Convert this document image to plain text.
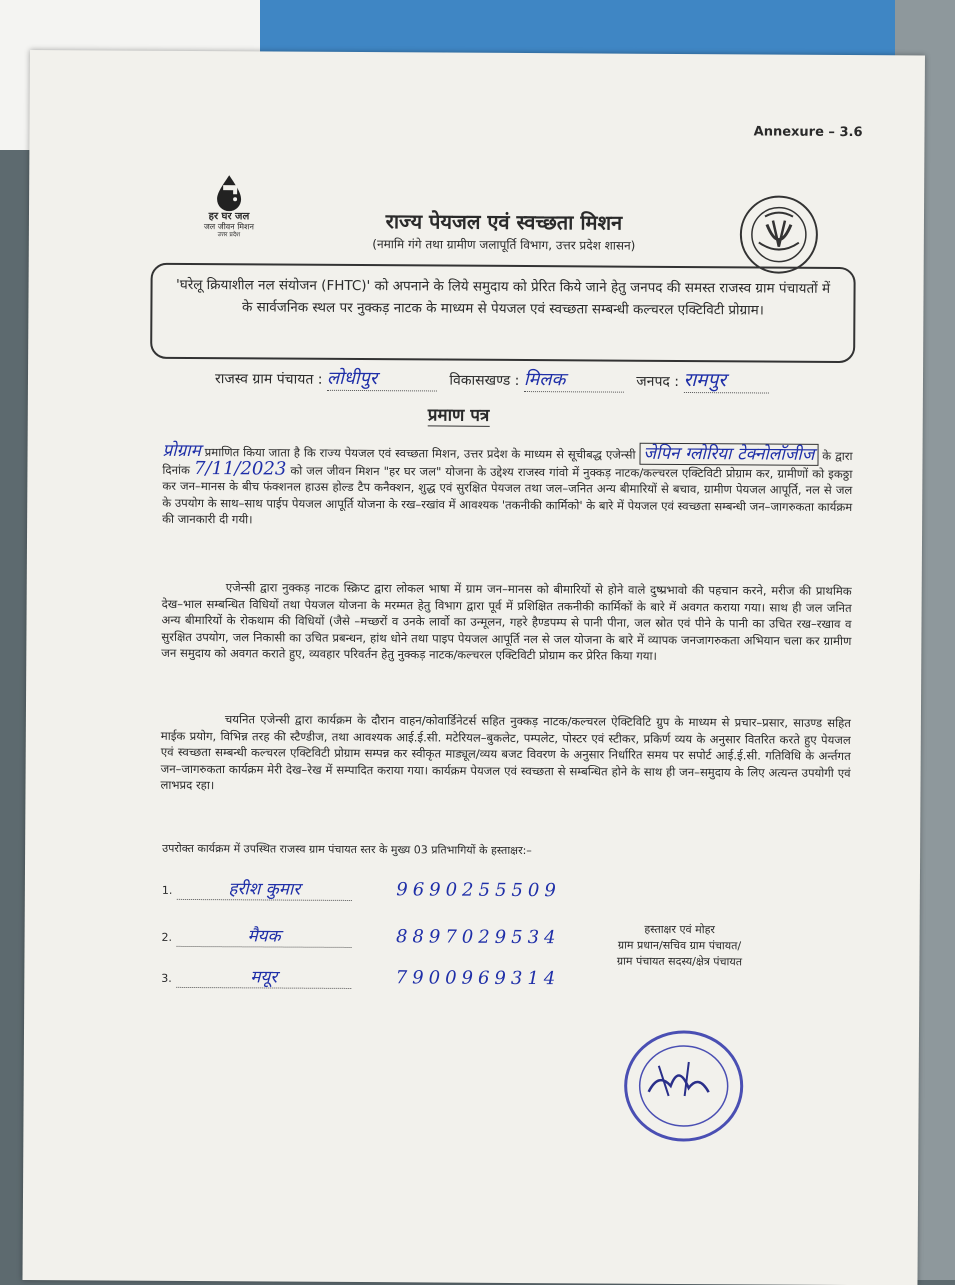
Annexure – 3.6
हर घर जल
जल जीवन मिशन
उत्तर प्रदेश
राज्य पेयजल एवं स्वच्छता मिशन
(नमामि गंगे तथा ग्रामीण जलापूर्ति विभाग, उत्तर प्रदेश शासन)
'घरेलू क्रियाशील नल संयोजन (FHTC)' को अपनाने के लिये समुदाय को प्रेरित किये जाने हेतु जनपद की समस्त राजस्व ग्राम पंचायतों में के सार्वजनिक स्थल पर नुक्कड़ नाटक के माध्यम से पेयजल एवं स्वच्छता सम्बन्धी कल्चरल एक्टिविटी प्रोग्राम।
राजस्व ग्राम पंचायत : लोधीपुर	विकासखण्ड : मिलक	जनपद : रामपुर
प्रमाण पत्र
प्रोग्राम प्रमाणित किया जाता है कि राज्य पेयजल एवं स्वच्छता मिशन, उत्तर प्रदेश के माध्यम से सूचीबद्ध एजेन्सी जेपिन ग्लोरिया टेक्नोलॉजीज के द्वारा दिनांक 7/11/2023 को जल जीवन मिशन "हर घर जल" योजना के उद्देश्य राजस्व गांवो में नुक्कड़ नाटक/कल्चरल एक्टिविटी प्रोग्राम कर, ग्रामीणों को इकठ्ठा कर जन–मानस के बीच फंक्शनल हाउस होल्ड टैप कनैक्शन, शुद्ध एवं सुरक्षित पेयजल तथा जल–जनित अन्य बीमारियों से बचाव, ग्रामीण पेयजल आपूर्ति, नल से जल के उपयोग के साथ–साथ पाईप पेयजल आपूर्ति योजना के रख–रखांव में आवश्यक 'तकनीकी कार्मिको' के बारे में पेयजल एवं स्वच्छता सम्बन्धी जन–जागरुकता कार्यक्रम की जानकारी दी गयी।
एजेन्सी द्वारा नुक्कड़ नाटक स्क्रिप्ट द्वारा लोकल भाषा में ग्राम जन–मानस को बीमारियों से होने वाले दुष्प्रभावो की पहचान करने, मरीज की प्राथमिक देख–भाल सम्बन्धित विधियों तथा पेयजल योजना के मरम्मत हेतु विभाग द्वारा पूर्व में प्रशिक्षित तकनीकी कार्मिकों के बारे में अवगत कराया गया। साथ ही जल जनित अन्य बीमारियों के रोकथाम की विधियों (जैसे –मच्छरों व उनके लार्वो का उन्मूलन, गहरे हैण्डपम्प से पानी पीना, जल स्रोत एवं पीने के पानी का उचित रख–रखाव व सुरक्षित उपयोग, जल निकासी का उचित प्रबन्धन, हांथ धोने तथा पाइप पेयजल आपूर्ति नल से जल योजना के बारे में व्यापक जनजागरुकता अभियान चला कर ग्रामीण जन समुदाय को अवगत कराते हुए, व्यवहार परिवर्तन हेतु नुक्कड़ नाटक/कल्चरल एक्टिविटी प्रोग्राम कर प्रेरित किया गया।
चयनित एजेन्सी द्वारा कार्यक्रम के दौरान वाहन/कोवार्डिनेटर्स सहित नुक्कड़ नाटक/कल्चरल ऐक्टिविटि ग्रुप के माध्यम से प्रचार–प्रसार, साउण्ड सहित माईक प्रयोग, विभिन्न तरह की स्टैण्डीज, तथा आवश्यक आई.ई.सी. मटेरियल–बुकलेट, पम्पलेट, पोस्टर एवं स्टीकर, प्रकिर्ण व्यय के अनुसार वितरित करते हुए पेयजल एवं स्वच्छता सम्बन्धी कल्चरल एक्टिविटी प्रोग्राम सम्पन्न कर स्वीकृत माड्यूल/व्यय बजट विवरण के अनुसार निर्धारित समय पर सपोर्ट आई.ई.सी. गतिविधि के अर्न्तगत जन–जागरुकता कार्यक्रम मेरी देख–रेख में सम्पादित कराया गया। कार्यक्रम पेयजल एवं स्वच्छता से सम्बन्धित होने के साथ ही जन–समुदाय के लिए अत्यन्त उपयोगी एवं लाभप्रद रहा।
उपरोक्त कार्यक्रम में उपस्थित राजस्व ग्राम पंचायत स्तर के मुख्य 03 प्रतिभागियों के हस्ताक्षर:–
1.	हरीश कुमार	9690255509
2.	मैयक	8897029534
3.	मयूर	7900969314
हस्ताक्षर एवं मोहर
ग्राम प्रधान/सचिव ग्राम पंचायत/
ग्राम पंचायत सदस्य/क्षेत्र पंचायत
